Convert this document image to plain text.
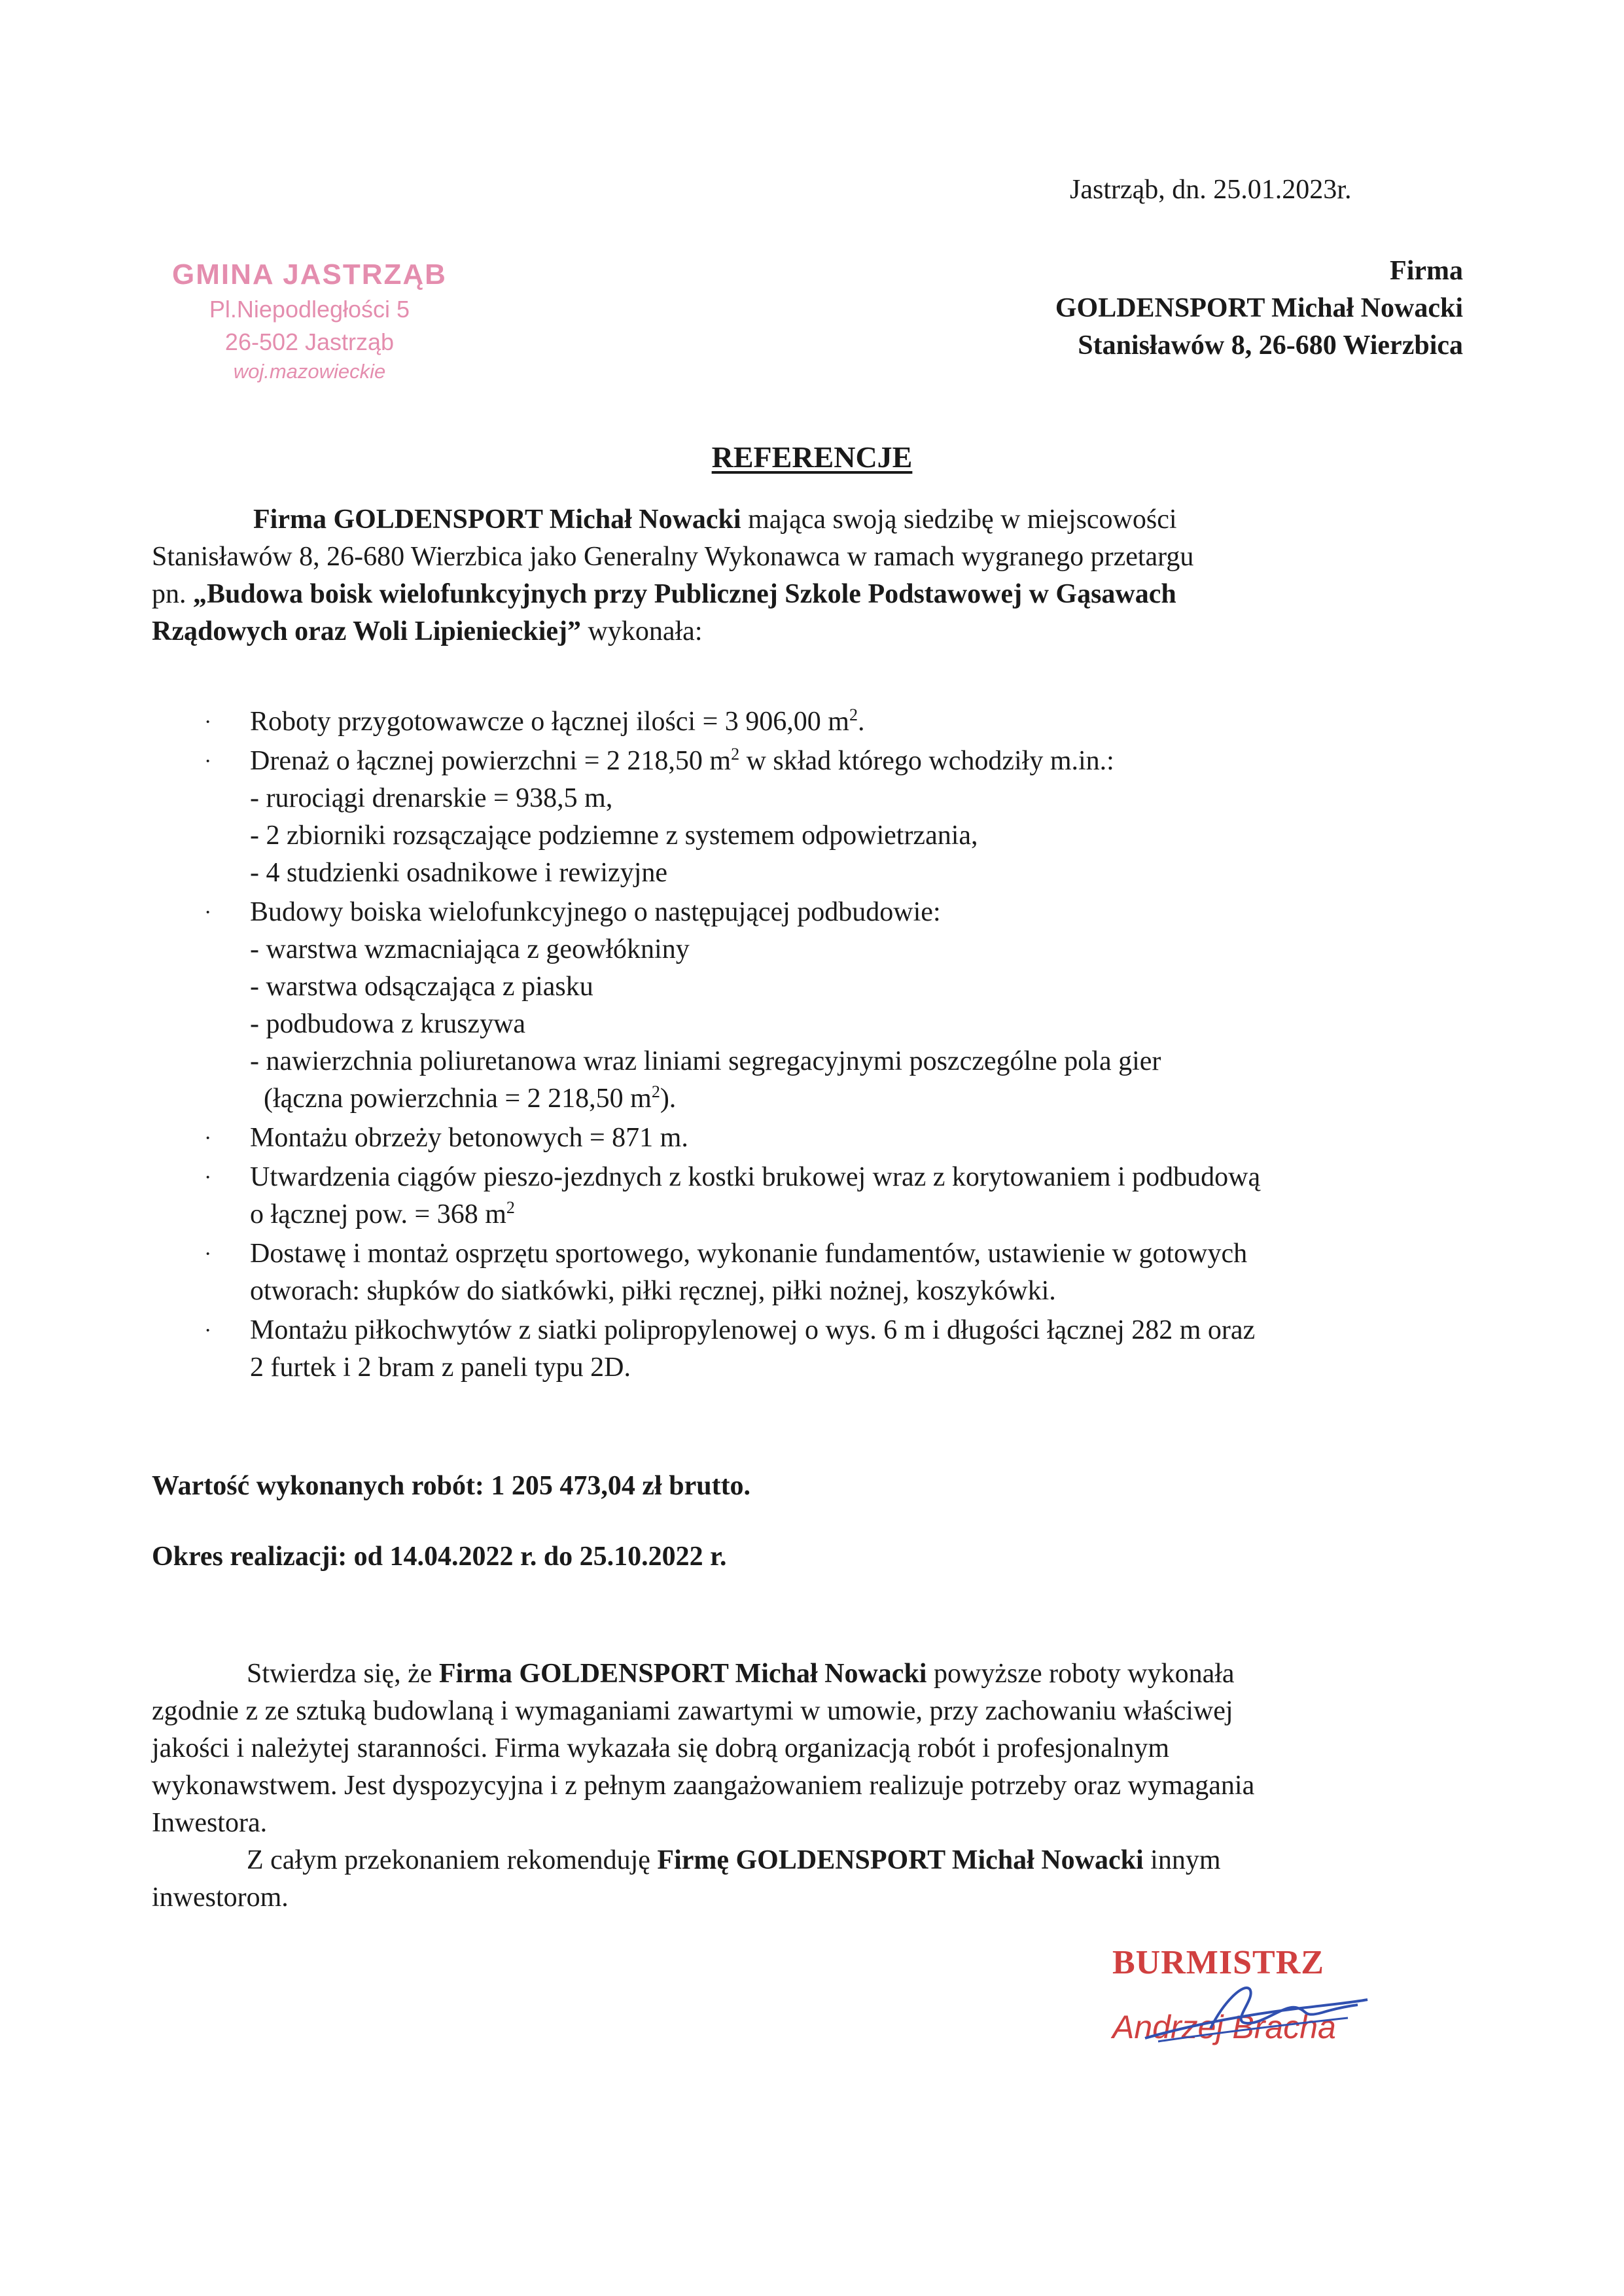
Jastrząb, dn. 25.01.2023r.
GMINA JASTRZĄB
Pl.Niepodległości 5
26-502 Jastrząb
woj.mazowieckie
Firma
GOLDENSPORT Michał Nowacki
Stanisławów 8, 26-680 Wierzbica
REFERENCJE
Firma GOLDENSPORT Michał Nowacki mająca swoją siedzibę w miejscowości
Stanisławów 8, 26-680 Wierzbica jako Generalny Wykonawca w ramach wygranego przetargu
pn. „Budowa boisk wielofunkcyjnych przy Publicznej Szkole Podstawowej w Gąsawach
Rządowych oraz Woli Lipienieckiej” wykonała:
· Roboty przygotowawcze o łącznej ilości = 3 906,00 $m^2$.
· Drenaż o łącznej powierzchni = 2 218,50 $m^2$ w skład którego wchodziły m.in.:
- rurociągi drenarskie = 938,5 m,
- 2 zbiorniki rozsączające podziemne z systemem odpowietrzania,
- 4 studzienki osadnikowe i rewizyjne
· Budowy boiska wielofunkcyjnego o następującej podbudowie:
- warstwa wzmacniająca z geowłókniny
- warstwa odsączająca z piasku
- podbudowa z kruszywa
- nawierzchnia poliuretanowa wraz liniami segregacyjnymi poszczególne pola gier
(łączna powierzchnia = 2 218,50 $m^2$).
· Montażu obrzeży betonowych = 871 m.
· Utwardzenia ciągów pieszo-jezdnych z kostki brukowej wraz z korytowaniem i podbudową
o łącznej pow. = 368 $m^2$
· Dostawę i montaż osprzętu sportowego, wykonanie fundamentów, ustawienie w gotowych
otworach: słupków do siatkówki, piłki ręcznej, piłki nożnej, koszykówki.
· Montażu piłkochwytów z siatki polipropylenowej o wys. 6 m i długości łącznej 282 m oraz
2 furtek i 2 bram z paneli typu 2D.
Wartość wykonanych robót: 1 205 473,04 zł brutto.
Okres realizacji: od 14.04.2022 r. do 25.10.2022 r.
Stwierdza się, że Firma GOLDENSPORT Michał Nowacki powyższe roboty wykonała
zgodnie z ze sztuką budowlaną i wymaganiami zawartymi w umowie, przy zachowaniu właściwej
jakości i należytej staranności. Firma wykazała się dobrą organizacją robót i profesjonalnym
wykonawstwem. Jest dyspozycyjna i z pełnym zaangażowaniem realizuje potrzeby oraz wymagania
Inwestora.
Z całym przekonaniem rekomenduję Firmę GOLDENSPORT Michał Nowacki innym
inwestorom.
BURMISTRZ
Andrzej Bracha
